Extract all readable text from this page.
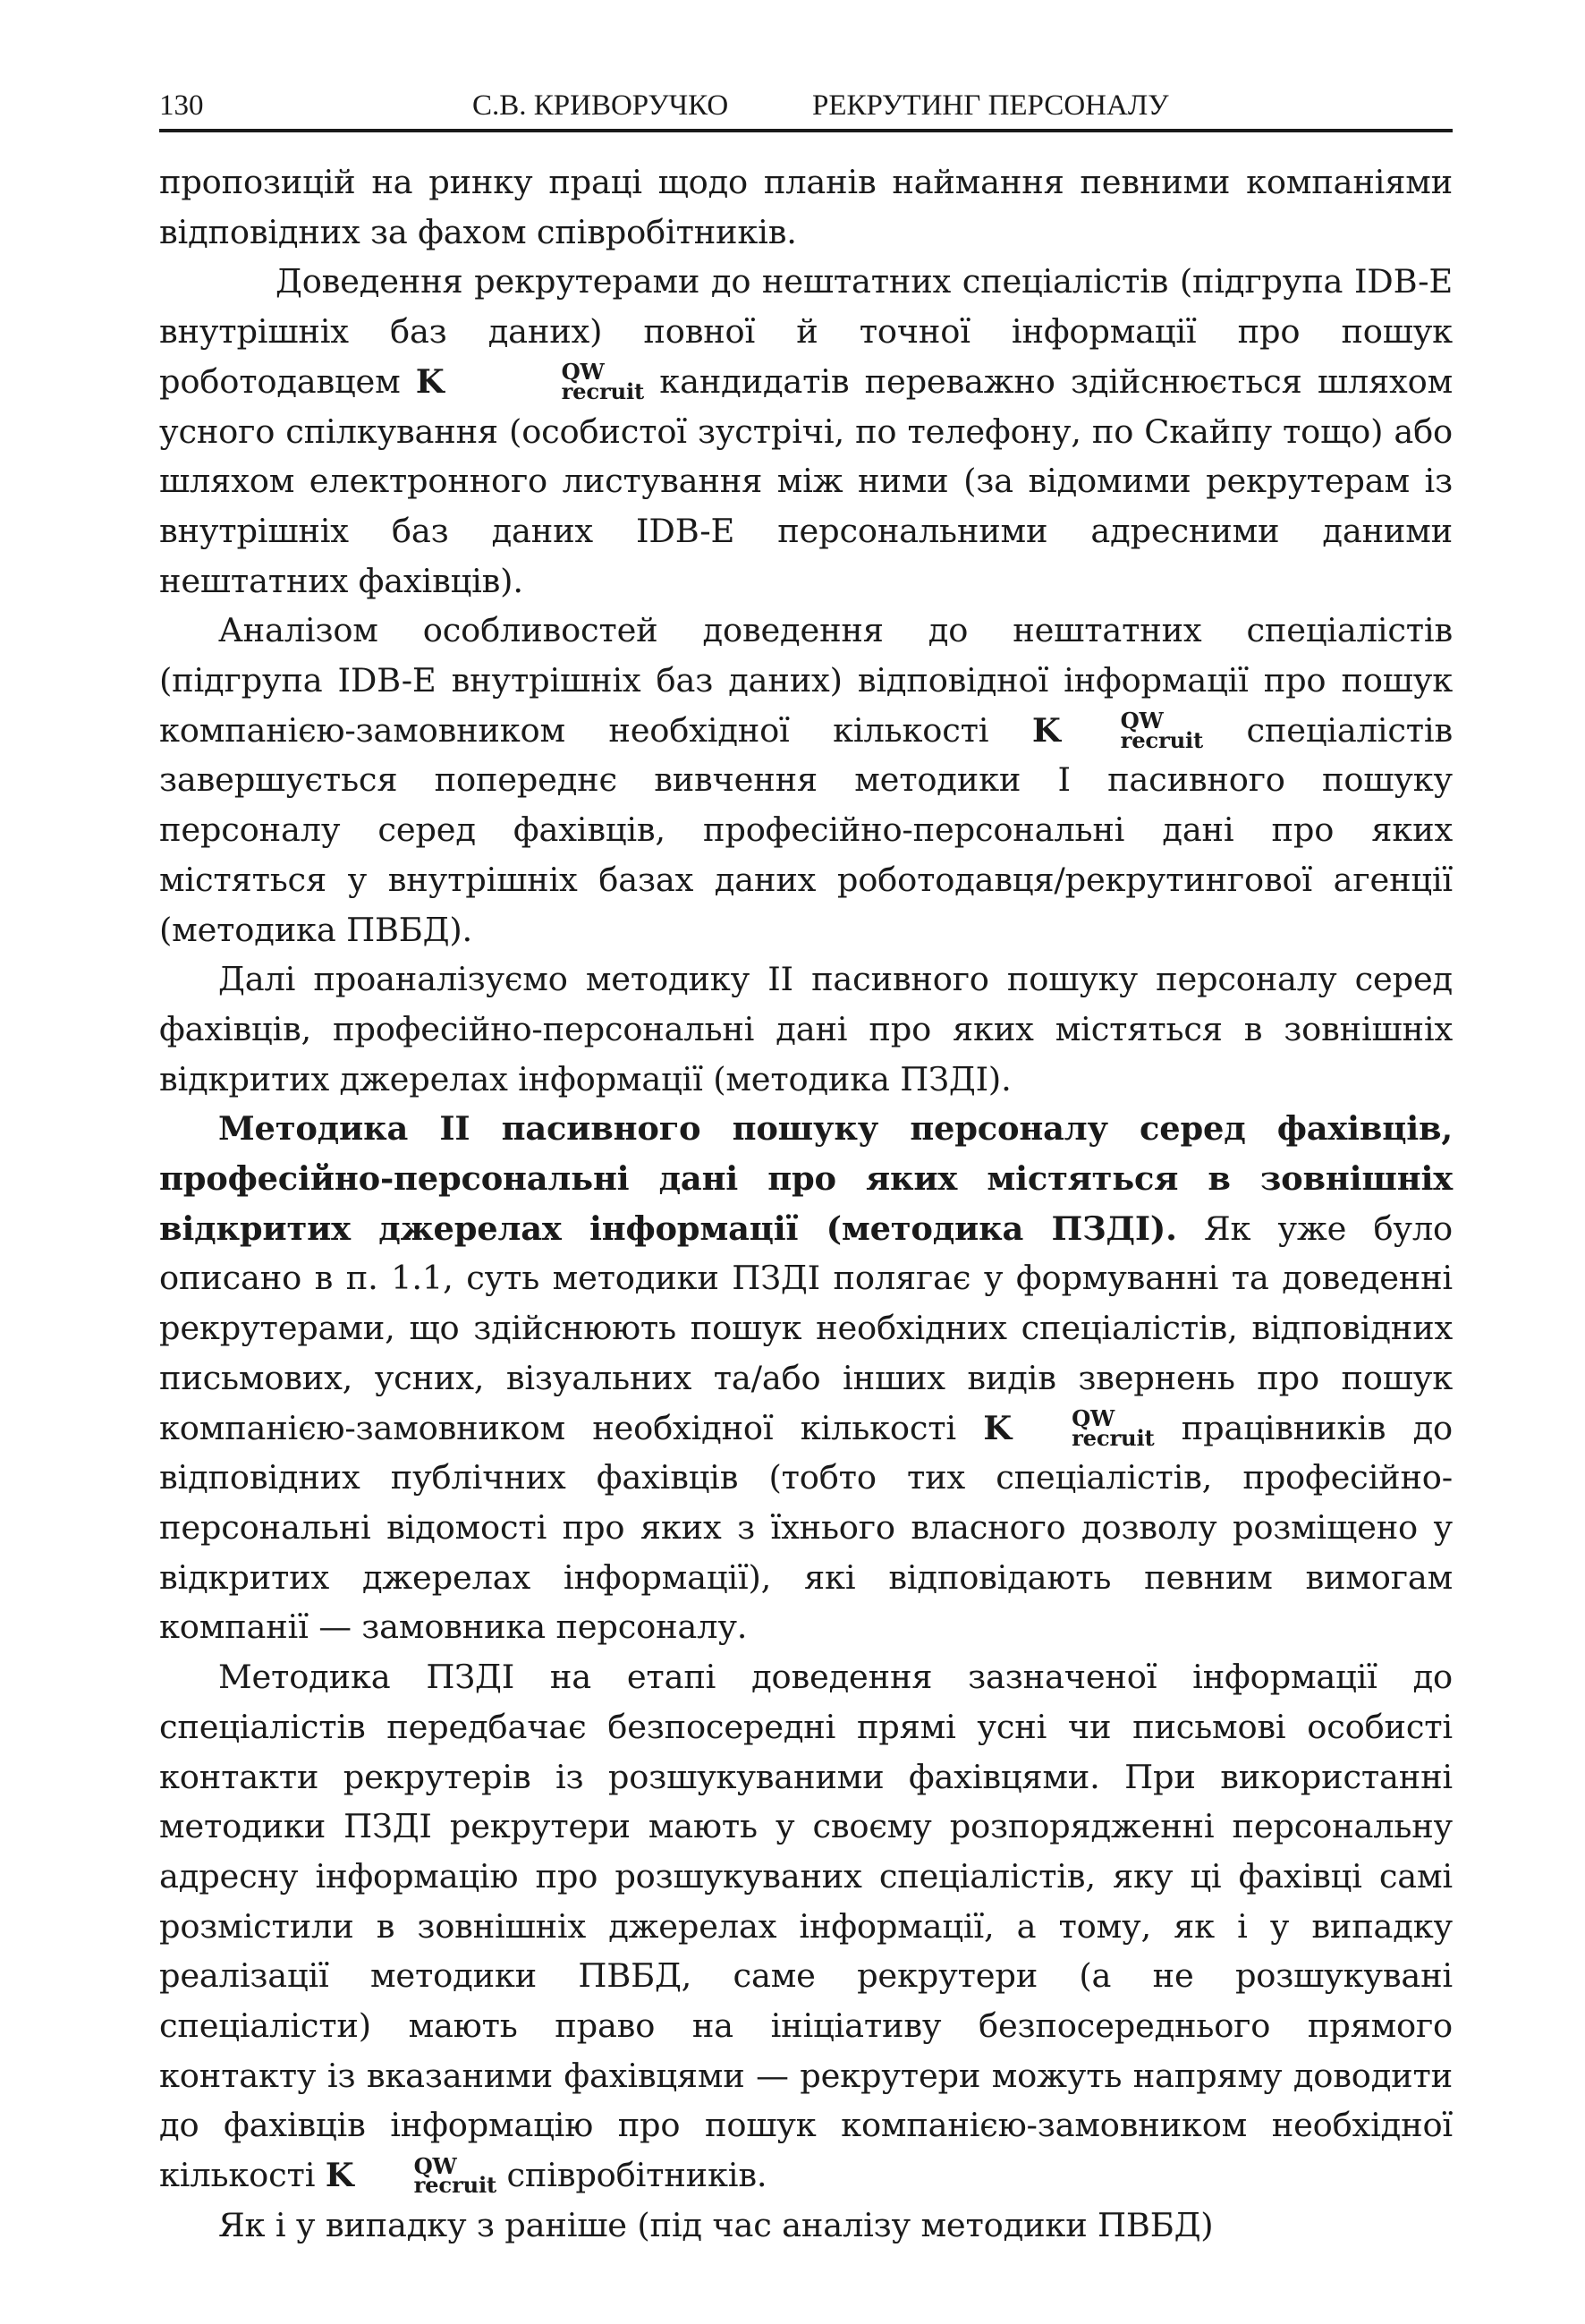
130	С.В. КРИВОРУЧКО	РЕКРУТИНГ ПЕРСОНАЛУ

пропозицій на ринку праці щодо планів наймання певними компаніями відповідних за фахом співробітників.

Доведення рекрутерами до нештатних спеціалістів (підгрупа IDB-E внутрішніх баз даних) повної й точної інформації про пошук роботодавцем K	QW
recruit кандидатів переважно здійснюється шляхом усного спілкування (особистої зустрічі, по телефону, по Скайпу тощо) або шляхом електронного листування між ними (за відомими рекрутерам із внутрішніх баз даних IDB-E персональними адресними даними нештатних фахівців).

Аналізом особливостей доведення до нештатних спеціалістів (підгрупа IDB-E внутрішніх баз даних) відповідної інформації про пошук компанією-замовником необхідної кількості K	QW
recruit спеціалістів завершується попереднє вивчення методики І пасивного пошуку персоналу серед фахівців, професійно-персональні дані про яких містяться у внутрішніх базах даних роботодавця/рекрутингової агенції (методика ПВБД).

Далі проаналізуємо методику ІІ пасивного пошуку персоналу серед фахівців, професійно-персональні дані про яких містяться в зовнішніх відкритих джерелах інформації (методика ПЗДІ).

Методика ІІ пасивного пошуку персоналу серед фахівців, професійно-персональні дані про яких містяться в зовнішніх відкритих джерелах інформації (методика ПЗДІ). Як уже було описано в п. 1.1, суть методики ПЗДІ полягає у формуванні та доведенні рекрутерами, що здійснюють пошук необхідних спеціалістів, відповідних письмових, усних, візуальних та/або інших видів звернень про пошук компанією-замовником необхідної кількості K	QW
recruit працівників до відповідних публічних фахівців (тобто тих спеціалістів, професійно-персональні відомості про яких з їхнього власного дозволу розміщено у відкритих джерелах інформації), які відповідають певним вимогам компанії — замовника персоналу.

Методика ПЗДІ на етапі доведення зазначеної інформації до спеціалістів передбачає безпосередні прямі усні чи письмові особисті контакти рекрутерів із розшукуваними фахівцями. При використанні методики ПЗДІ рекрутери мають у своєму розпорядженні персональну адресну інформацію про розшукуваних спеціалістів, яку ці фахівці самі розмістили в зовнішніх джерелах інформації, а тому, як і у випадку реалізації методики ПВБД, саме рекрутери (а не розшукувані спеціалісти) мають право на ініціативу безпосереднього прямого контакту із вказаними фахівцями — рекрутери можуть напряму доводити до фахівців інформацію про пошук компанією-замовником необхідної кількості K	QW
recruit співробітників.

Як і у випадку з раніше (під час аналізу методики ПВБД)
